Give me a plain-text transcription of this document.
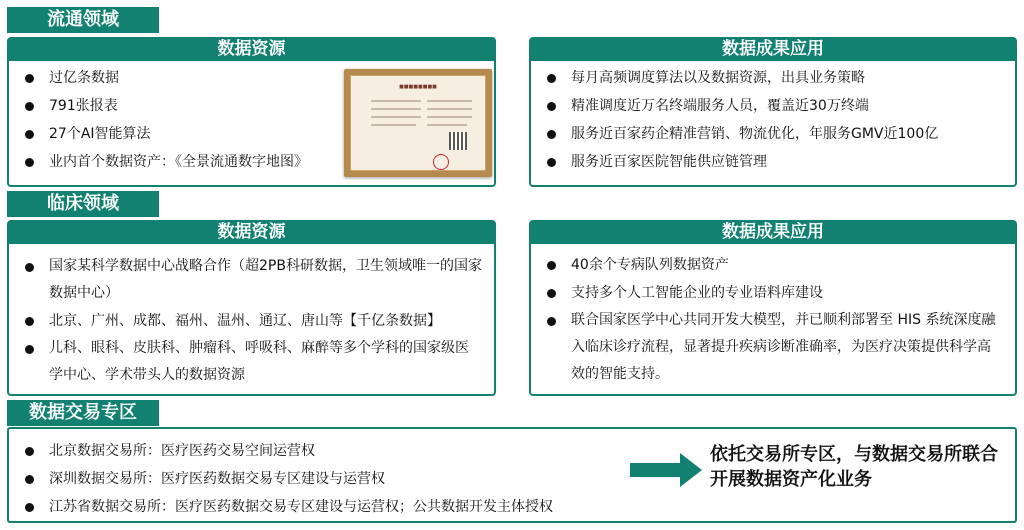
流通领域
数据资源
过亿条数据
791张报表
27个AI智能算法
业内首个数据资产：《全景流通数字地图》
■■■■■■■■
数据成果应用
每月高频调度算法以及数据资源，出具业务策略
精准调度近万名终端服务人员，覆盖近30万终端
服务近百家药企精准营销、物流优化，年服务GMV近100亿
服务近百家医院智能供应链管理
临床领域
数据资源
国家某科学数据中心战略合作（超2PB科研数据，卫生领域唯一的国家数据中心）
北京、广州、成都、福州、温州、通辽、唐山等【千亿条数据】
儿科、眼科、皮肤科、肿瘤科、呼吸科、麻醉等多个学科的国家级医学中心、学术带头人的数据资源
数据成果应用
40余个专病队列数据资产
支持多个人工智能企业的专业语料库建设
联合国家医学中心共同开发大模型，并已顺利部署至 HIS 系统深度融入临床诊疗流程，显著提升疾病诊断准确率，为医疗决策提供科学高效的智能支持。
数据交易专区
北京数据交易所：医疗医药交易空间运营权
深圳数据交易所：医疗医药数据交易专区建设与运营权
江苏省数据交易所：医疗医药数据交易专区建设与运营权；公共数据开发主体授权
依托交易所专区，与数据交易所联合开展数据资产化业务
